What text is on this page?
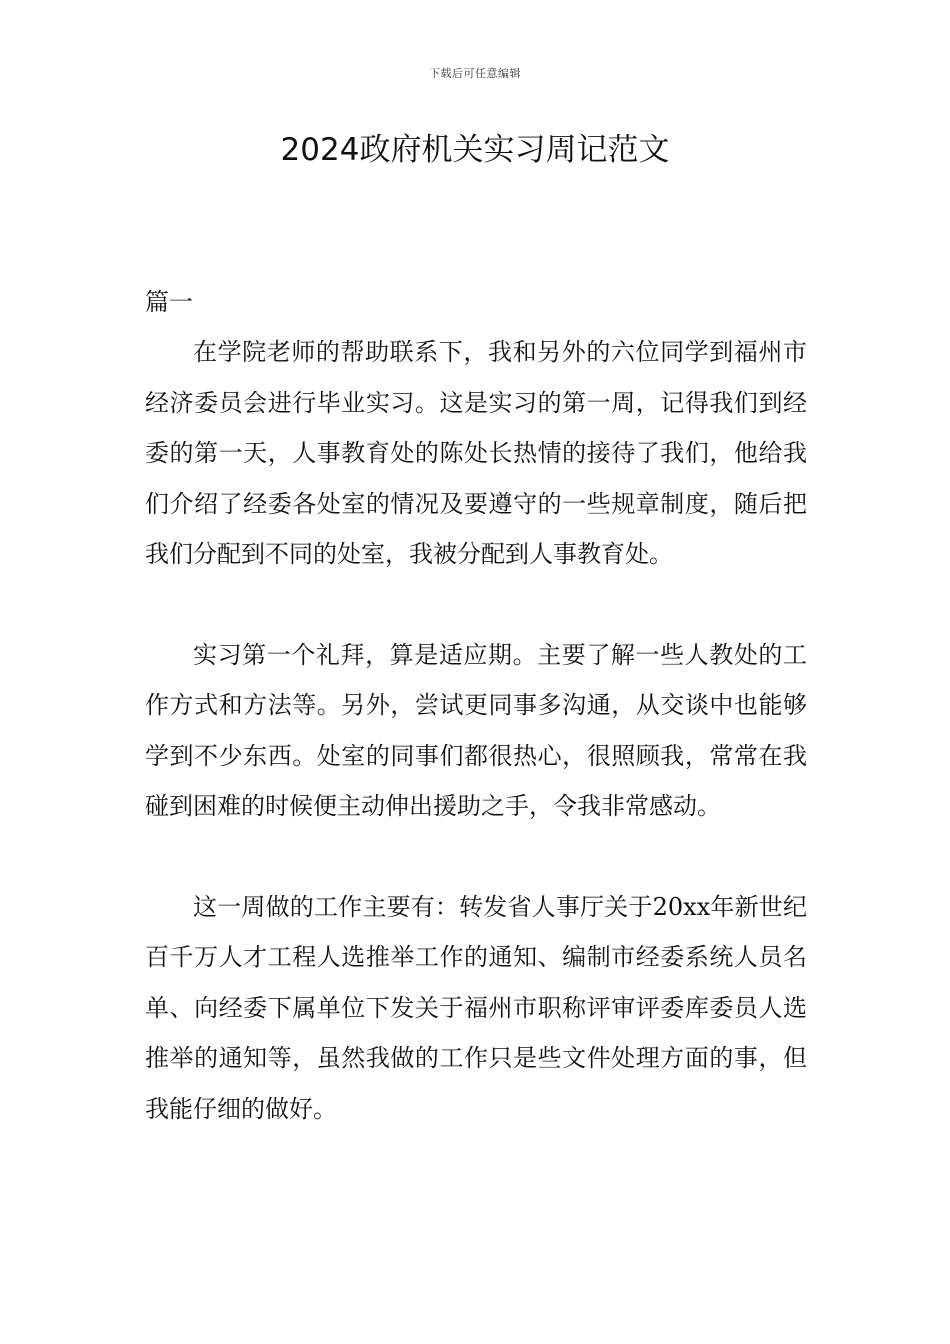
下载后可任意编辑
2024政府机关实习周记范文

篇一

在学院老师的帮助联系下，我和另外的六位同学到福州市经济委员会进行毕业实习。这是实习的第一周，记得我们到经委的第一天，人事教育处的陈处长热情的接待了我们，他给我们介绍了经委各处室的情况及要遵守的一些规章制度，随后把我们分配到不同的处室，我被分配到人事教育处。

实习第一个礼拜，算是适应期。主要了解一些人教处的工作方式和方法等。另外，尝试更同事多沟通，从交谈中也能够学到不少东西。处室的同事们都很热心，很照顾我，常常在我碰到困难的时候便主动伸出援助之手，令我非常感动。

这一周做的工作主要有：转发省人事厅关于20xx年新世纪百千万人才工程人选推举工作的通知、编制市经委系统人员名单、向经委下属单位下发关于福州市职称评审评委库委员人选推举的通知等，虽然我做的工作只是些文件处理方面的事，但我能仔细的做好。
